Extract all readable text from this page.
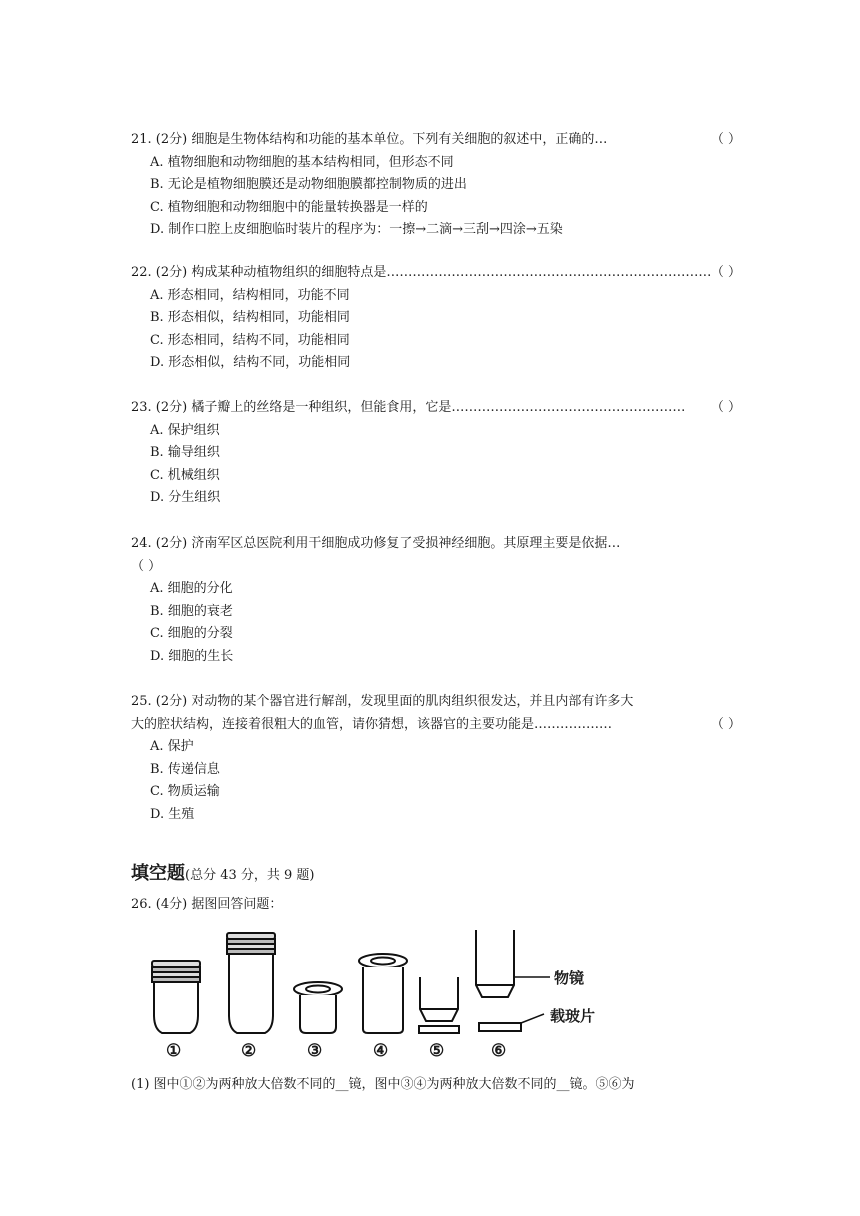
21. (2分) 细胞是生物体结构和功能的基本单位。下列有关细胞的叙述中，正确的 …	（ ）
A. 植物细胞和动物细胞的基本结构相同，但形态不同
B. 无论是植物细胞膜还是动物细胞膜都控制物质的进出
C. 植物细胞和动物细胞中的能量转换器是一样的
D. 制作口腔上皮细胞临时装片的程序为：一擦→二滴→三刮→四涂→五染
22. (2分) 构成某种动植物组织的细胞特点是 ………………………………………………………………… （ ）
A. 形态相同，结构相同，功能不同
B. 形态相似，结构相同，功能相同
C. 形态相同，结构不同，功能相同
D. 形态相似，结构不同，功能相同
23. (2分) 橘子瓣上的丝络是一种组织，但能食用，它是 ………………………………………………	（ ）
A. 保护组织
B. 输导组织
C. 机械组织
D. 分生组织
24. (2分) 济南军区总医院利用干细胞成功修复了受损神经细胞。其原理主要是依据…
（ ）
A. 细胞的分化
B. 细胞的衰老
C. 细胞的分裂
D. 细胞的生长
25. (2分) 对动物的某个器官进行解剖，发现里面的肌肉组织很发达，并且内部有许多大
大的腔状结构，连接着很粗大的血管，请你猜想，该器官的主要功能是 ………………	（ ）
A. 保护
B. 传递信息
C. 物质运输
D. 生殖
填空题(总分 43 分，共 9 题)
26. (4分) 据图回答问题：
物镜
载玻片
①	②	③	④ ⑤	⑥
(1) 图中①②为两种放大倍数不同的__镜，图中③④为两种放大倍数不同的__镜。⑤⑥为
